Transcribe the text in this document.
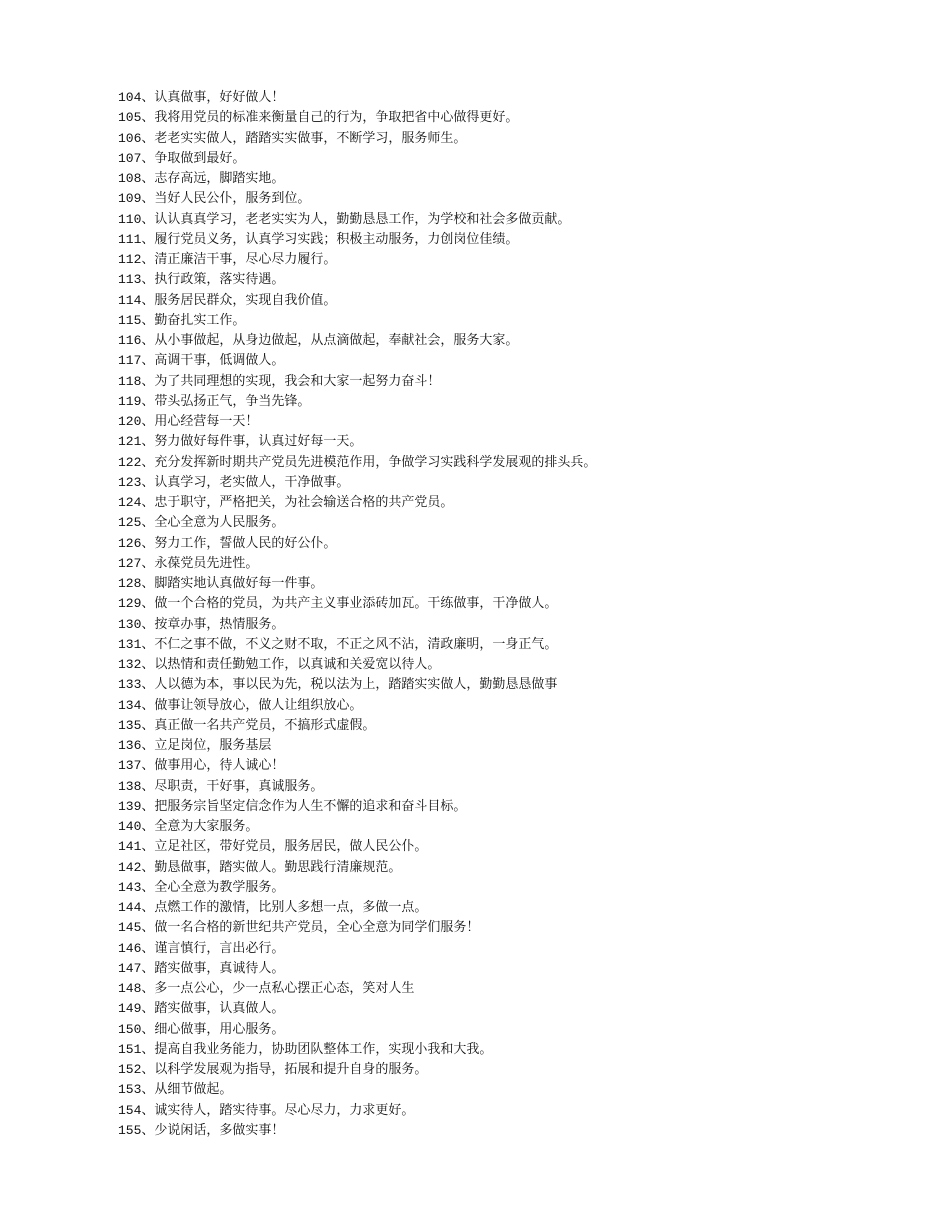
104、认真做事，好好做人！
105、我将用党员的标准来衡量自己的行为，争取把省中心做得更好。
106、老老实实做人，踏踏实实做事，不断学习，服务师生。
107、争取做到最好。
108、志存高远，脚踏实地。
109、当好人民公仆，服务到位。
110、认认真真学习，老老实实为人，勤勤恳恳工作，为学校和社会多做贡献。
111、履行党员义务，认真学习实践；积极主动服务，力创岗位佳绩。
112、清正廉洁干事，尽心尽力履行。
113、执行政策，落实待遇。
114、服务居民群众，实现自我价值。
115、勤奋扎实工作。
116、从小事做起，从身边做起，从点滴做起，奉献社会，服务大家。
117、高调干事，低调做人。
118、为了共同理想的实现，我会和大家一起努力奋斗！
119、带头弘扬正气，争当先锋。
120、用心经营每一天！
121、努力做好每件事，认真过好每一天。
122、充分发挥新时期共产党员先进模范作用，争做学习实践科学发展观的排头兵。
123、认真学习，老实做人，干净做事。
124、忠于职守，严格把关，为社会输送合格的共产党员。
125、全心全意为人民服务。
126、努力工作，誓做人民的好公仆。
127、永葆党员先进性。
128、脚踏实地认真做好每一件事。
129、做一个合格的党员，为共产主义事业添砖加瓦。干练做事，干净做人。
130、按章办事，热情服务。
131、不仁之事不做，不义之财不取，不正之风不沾，清政廉明，一身正气。
132、以热情和责任勤勉工作，以真诚和关爱宽以待人。
133、人以德为本，事以民为先，税以法为上，踏踏实实做人，勤勤恳恳做事
134、做事让领导放心，做人让组织放心。
135、真正做一名共产党员，不搞形式虚假。
136、立足岗位，服务基层
137、做事用心，待人诚心！
138、尽职责，干好事，真诚服务。
139、把服务宗旨坚定信念作为人生不懈的追求和奋斗目标。
140、全意为大家服务。
141、立足社区，带好党员，服务居民，做人民公仆。
142、勤恳做事，踏实做人。勤思践行清廉规范。
143、全心全意为教学服务。
144、点燃工作的激情，比别人多想一点，多做一点。
145、做一名合格的新世纪共产党员，全心全意为同学们服务！
146、谨言慎行，言出必行。
147、踏实做事，真诚待人。
148、多一点公心，少一点私心摆正心态，笑对人生
149、踏实做事，认真做人。
150、细心做事，用心服务。
151、提高自我业务能力，协助团队整体工作，实现小我和大我。
152、以科学发展观为指导，拓展和提升自身的服务。
153、从细节做起。
154、诚实待人，踏实待事。尽心尽力，力求更好。
155、少说闲话，多做实事！
